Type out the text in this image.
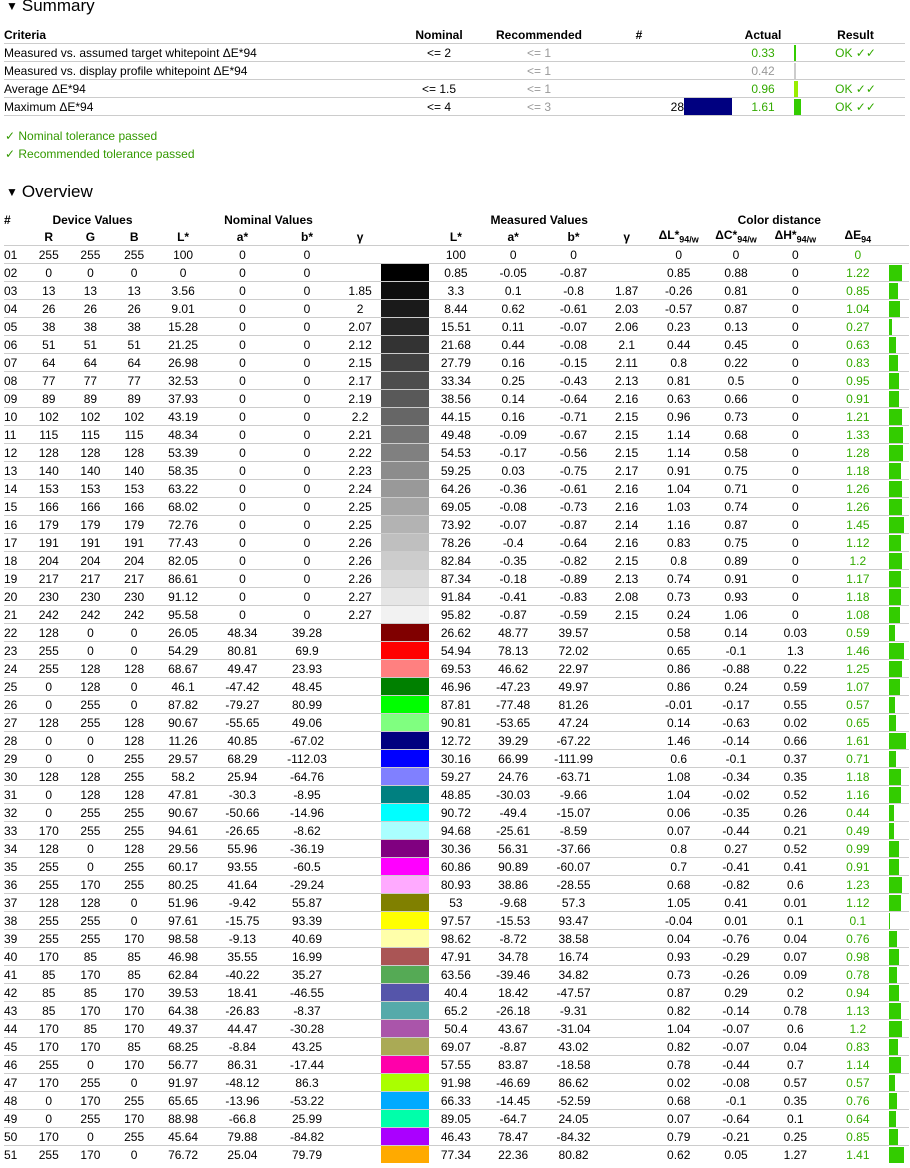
▼ Summary
Criteria	Nominal	Recommended	#		Actual		Result
Measured vs. assumed target whitepoint ΔE*94	<= 2	<= 1			0.33		OK ✓✓
Measured vs. display profile whitepoint ΔE*94		<= 1			0.42		
Average ΔE*94	<= 1.5	<= 1			0.96		OK ✓✓
Maximum ΔE*94	<= 4	<= 3	28		1.61		OK ✓✓
✓ Nominal tolerance passed
✓ Recommended tolerance passed
▼ Overview
#	Device Values			Nominal Values					Measured Values				Color distance				
	R	G	B	L*	a*	b*	γ		L*	a*	b*	γ	$\Delta L*_{94/w}$	$\Delta C*_{94/w}$	$\Delta H*_{94/w}$	$\Delta E_{94}$	
01	255	255	255	100	0	0			100	0	0		0	0	0	0	
02	0	0	0	0	0	0			0.85	-0.05	-0.87		0.85	0.88	0	1.22	
03	13	13	13	3.56	0	0	1.85		3.3	0.1	-0.8	1.87	-0.26	0.81	0	0.85	
04	26	26	26	9.01	0	0	2		8.44	0.62	-0.61	2.03	-0.57	0.87	0	1.04	
05	38	38	38	15.28	0	0	2.07		15.51	0.11	-0.07	2.06	0.23	0.13	0	0.27	
06	51	51	51	21.25	0	0	2.12		21.68	0.44	-0.08	2.1	0.44	0.45	0	0.63	
07	64	64	64	26.98	0	0	2.15		27.79	0.16	-0.15	2.11	0.8	0.22	0	0.83	
08	77	77	77	32.53	0	0	2.17		33.34	0.25	-0.43	2.13	0.81	0.5	0	0.95	
09	89	89	89	37.93	0	0	2.19		38.56	0.14	-0.64	2.16	0.63	0.66	0	0.91	
10	102	102	102	43.19	0	0	2.2		44.15	0.16	-0.71	2.15	0.96	0.73	0	1.21	
11	115	115	115	48.34	0	0	2.21		49.48	-0.09	-0.67	2.15	1.14	0.68	0	1.33	
12	128	128	128	53.39	0	0	2.22		54.53	-0.17	-0.56	2.15	1.14	0.58	0	1.28	
13	140	140	140	58.35	0	0	2.23		59.25	0.03	-0.75	2.17	0.91	0.75	0	1.18	
14	153	153	153	63.22	0	0	2.24		64.26	-0.36	-0.61	2.16	1.04	0.71	0	1.26	
15	166	166	166	68.02	0	0	2.25		69.05	-0.08	-0.73	2.16	1.03	0.74	0	1.26	
16	179	179	179	72.76	0	0	2.25		73.92	-0.07	-0.87	2.14	1.16	0.87	0	1.45	
17	191	191	191	77.43	0	0	2.26		78.26	-0.4	-0.64	2.16	0.83	0.75	0	1.12	
18	204	204	204	82.05	0	0	2.26		82.84	-0.35	-0.82	2.15	0.8	0.89	0	1.2	
19	217	217	217	86.61	0	0	2.26		87.34	-0.18	-0.89	2.13	0.74	0.91	0	1.17	
20	230	230	230	91.12	0	0	2.27		91.84	-0.41	-0.83	2.08	0.73	0.93	0	1.18	
21	242	242	242	95.58	0	0	2.27		95.82	-0.87	-0.59	2.15	0.24	1.06	0	1.08	
22	128	0	0	26.05	48.34	39.28			26.62	48.77	39.57		0.58	0.14	0.03	0.59	
23	255	0	0	54.29	80.81	69.9			54.94	78.13	72.02		0.65	-0.1	1.3	1.46	
24	255	128	128	68.67	49.47	23.93			69.53	46.62	22.97		0.86	-0.88	0.22	1.25	
25	0	128	0	46.1	-47.42	48.45			46.96	-47.23	49.97		0.86	0.24	0.59	1.07	
26	0	255	0	87.82	-79.27	80.99			87.81	-77.48	81.26		-0.01	-0.17	0.55	0.57	
27	128	255	128	90.67	-55.65	49.06			90.81	-53.65	47.24		0.14	-0.63	0.02	0.65	
28	0	0	128	11.26	40.85	-67.02			12.72	39.29	-67.22		1.46	-0.14	0.66	1.61	
29	0	0	255	29.57	68.29	-112.03			30.16	66.99	-111.99		0.6	-0.1	0.37	0.71	
30	128	128	255	58.2	25.94	-64.76			59.27	24.76	-63.71		1.08	-0.34	0.35	1.18	
31	0	128	128	47.81	-30.3	-8.95			48.85	-30.03	-9.66		1.04	-0.02	0.52	1.16	
32	0	255	255	90.67	-50.66	-14.96			90.72	-49.4	-15.07		0.06	-0.35	0.26	0.44	
33	170	255	255	94.61	-26.65	-8.62			94.68	-25.61	-8.59		0.07	-0.44	0.21	0.49	
34	128	0	128	29.56	55.96	-36.19			30.36	56.31	-37.66		0.8	0.27	0.52	0.99	
35	255	0	255	60.17	93.55	-60.5			60.86	90.89	-60.07		0.7	-0.41	0.41	0.91	
36	255	170	255	80.25	41.64	-29.24			80.93	38.86	-28.55		0.68	-0.82	0.6	1.23	
37	128	128	0	51.96	-9.42	55.87			53	-9.68	57.3		1.05	0.41	0.01	1.12	
38	255	255	0	97.61	-15.75	93.39			97.57	-15.53	93.47		-0.04	0.01	0.1	0.1	
39	255	255	170	98.58	-9.13	40.69			98.62	-8.72	38.58		0.04	-0.76	0.04	0.76	
40	170	85	85	46.98	35.55	16.99			47.91	34.78	16.74		0.93	-0.29	0.07	0.98	
41	85	170	85	62.84	-40.22	35.27			63.56	-39.46	34.82		0.73	-0.26	0.09	0.78	
42	85	85	170	39.53	18.41	-46.55			40.4	18.42	-47.57		0.87	0.29	0.2	0.94	
43	85	170	170	64.38	-26.83	-8.37			65.2	-26.18	-9.31		0.82	-0.14	0.78	1.13	
44	170	85	170	49.37	44.47	-30.28			50.4	43.67	-31.04		1.04	-0.07	0.6	1.2	
45	170	170	85	68.25	-8.84	43.25			69.07	-8.87	43.02		0.82	-0.07	0.04	0.83	
46	255	0	170	56.77	86.31	-17.44			57.55	83.87	-18.58		0.78	-0.44	0.7	1.14	
47	170	255	0	91.97	-48.12	86.3			91.98	-46.69	86.62		0.02	-0.08	0.57	0.57	
48	0	170	255	65.65	-13.96	-53.22			66.33	-14.45	-52.59		0.68	-0.1	0.35	0.76	
49	0	255	170	88.98	-66.8	25.99			89.05	-64.7	24.05		0.07	-0.64	0.1	0.64	
50	170	0	255	45.64	79.88	-84.82			46.43	78.47	-84.32		0.79	-0.21	0.25	0.85	
51	255	170	0	76.72	25.04	79.79			77.34	22.36	80.82		0.62	0.05	1.27	1.41	
